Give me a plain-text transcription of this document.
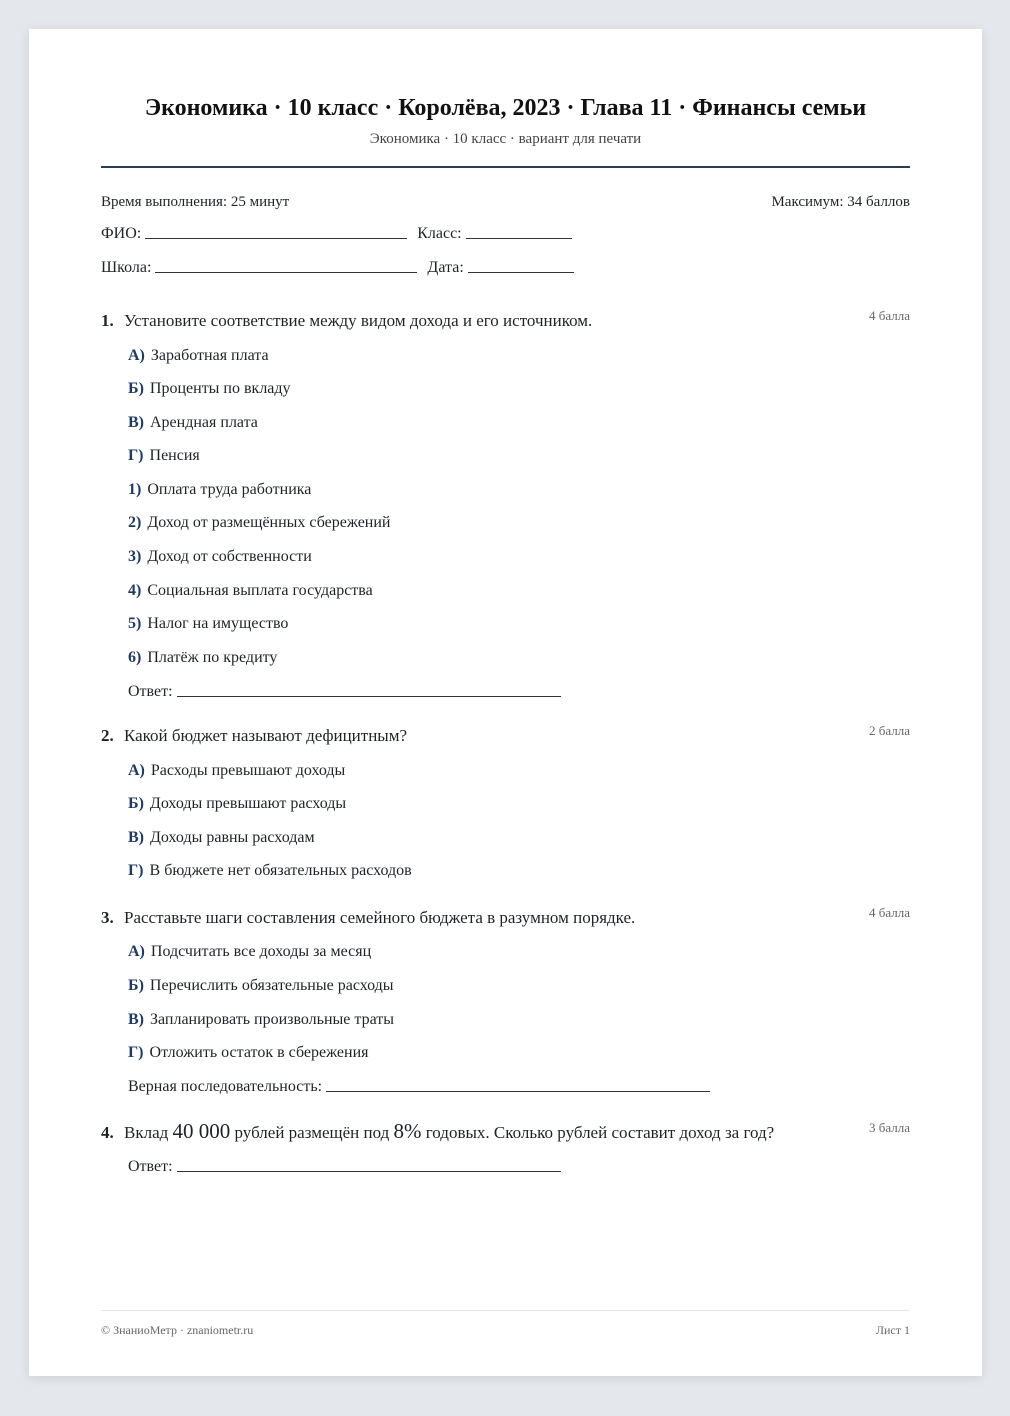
Экономика · 10 класс · Королёва, 2023 · Глава 11 · Финансы семьи
Экономика · 10 класс · вариант для печати
Время выполнения: 25 минут	Максимум: 34 баллов
ФИО:	Класс:
Школа:	Дата:
1. Установите соответствие между видом дохода и его источником.	4 балла
А) Заработная плата
Б) Проценты по вкладу
В) Арендная плата
Г) Пенсия
1) Оплата труда работника
2) Доход от размещённых сбережений
3) Доход от собственности
4) Социальная выплата государства
5) Налог на имущество
6) Платёж по кредиту
Ответ:
2. Какой бюджет называют дефицитным?	2 балла
А) Расходы превышают доходы
Б) Доходы превышают расходы
В) Доходы равны расходам
Г) В бюджете нет обязательных расходов
3. Расставьте шаги составления семейного бюджета в разумном порядке.	4 балла
А) Подсчитать все доходы за месяц
Б) Перечислить обязательные расходы
В) Запланировать произвольные траты
Г) Отложить остаток в сбережения
Верная последовательность:
4. Вклад 40 000 рублей размещён под 8% годовых. Сколько рублей составит доход за год?	3 балла
Ответ:
© ЗнаниоМетр · znaniometr.ru	Лист 1
